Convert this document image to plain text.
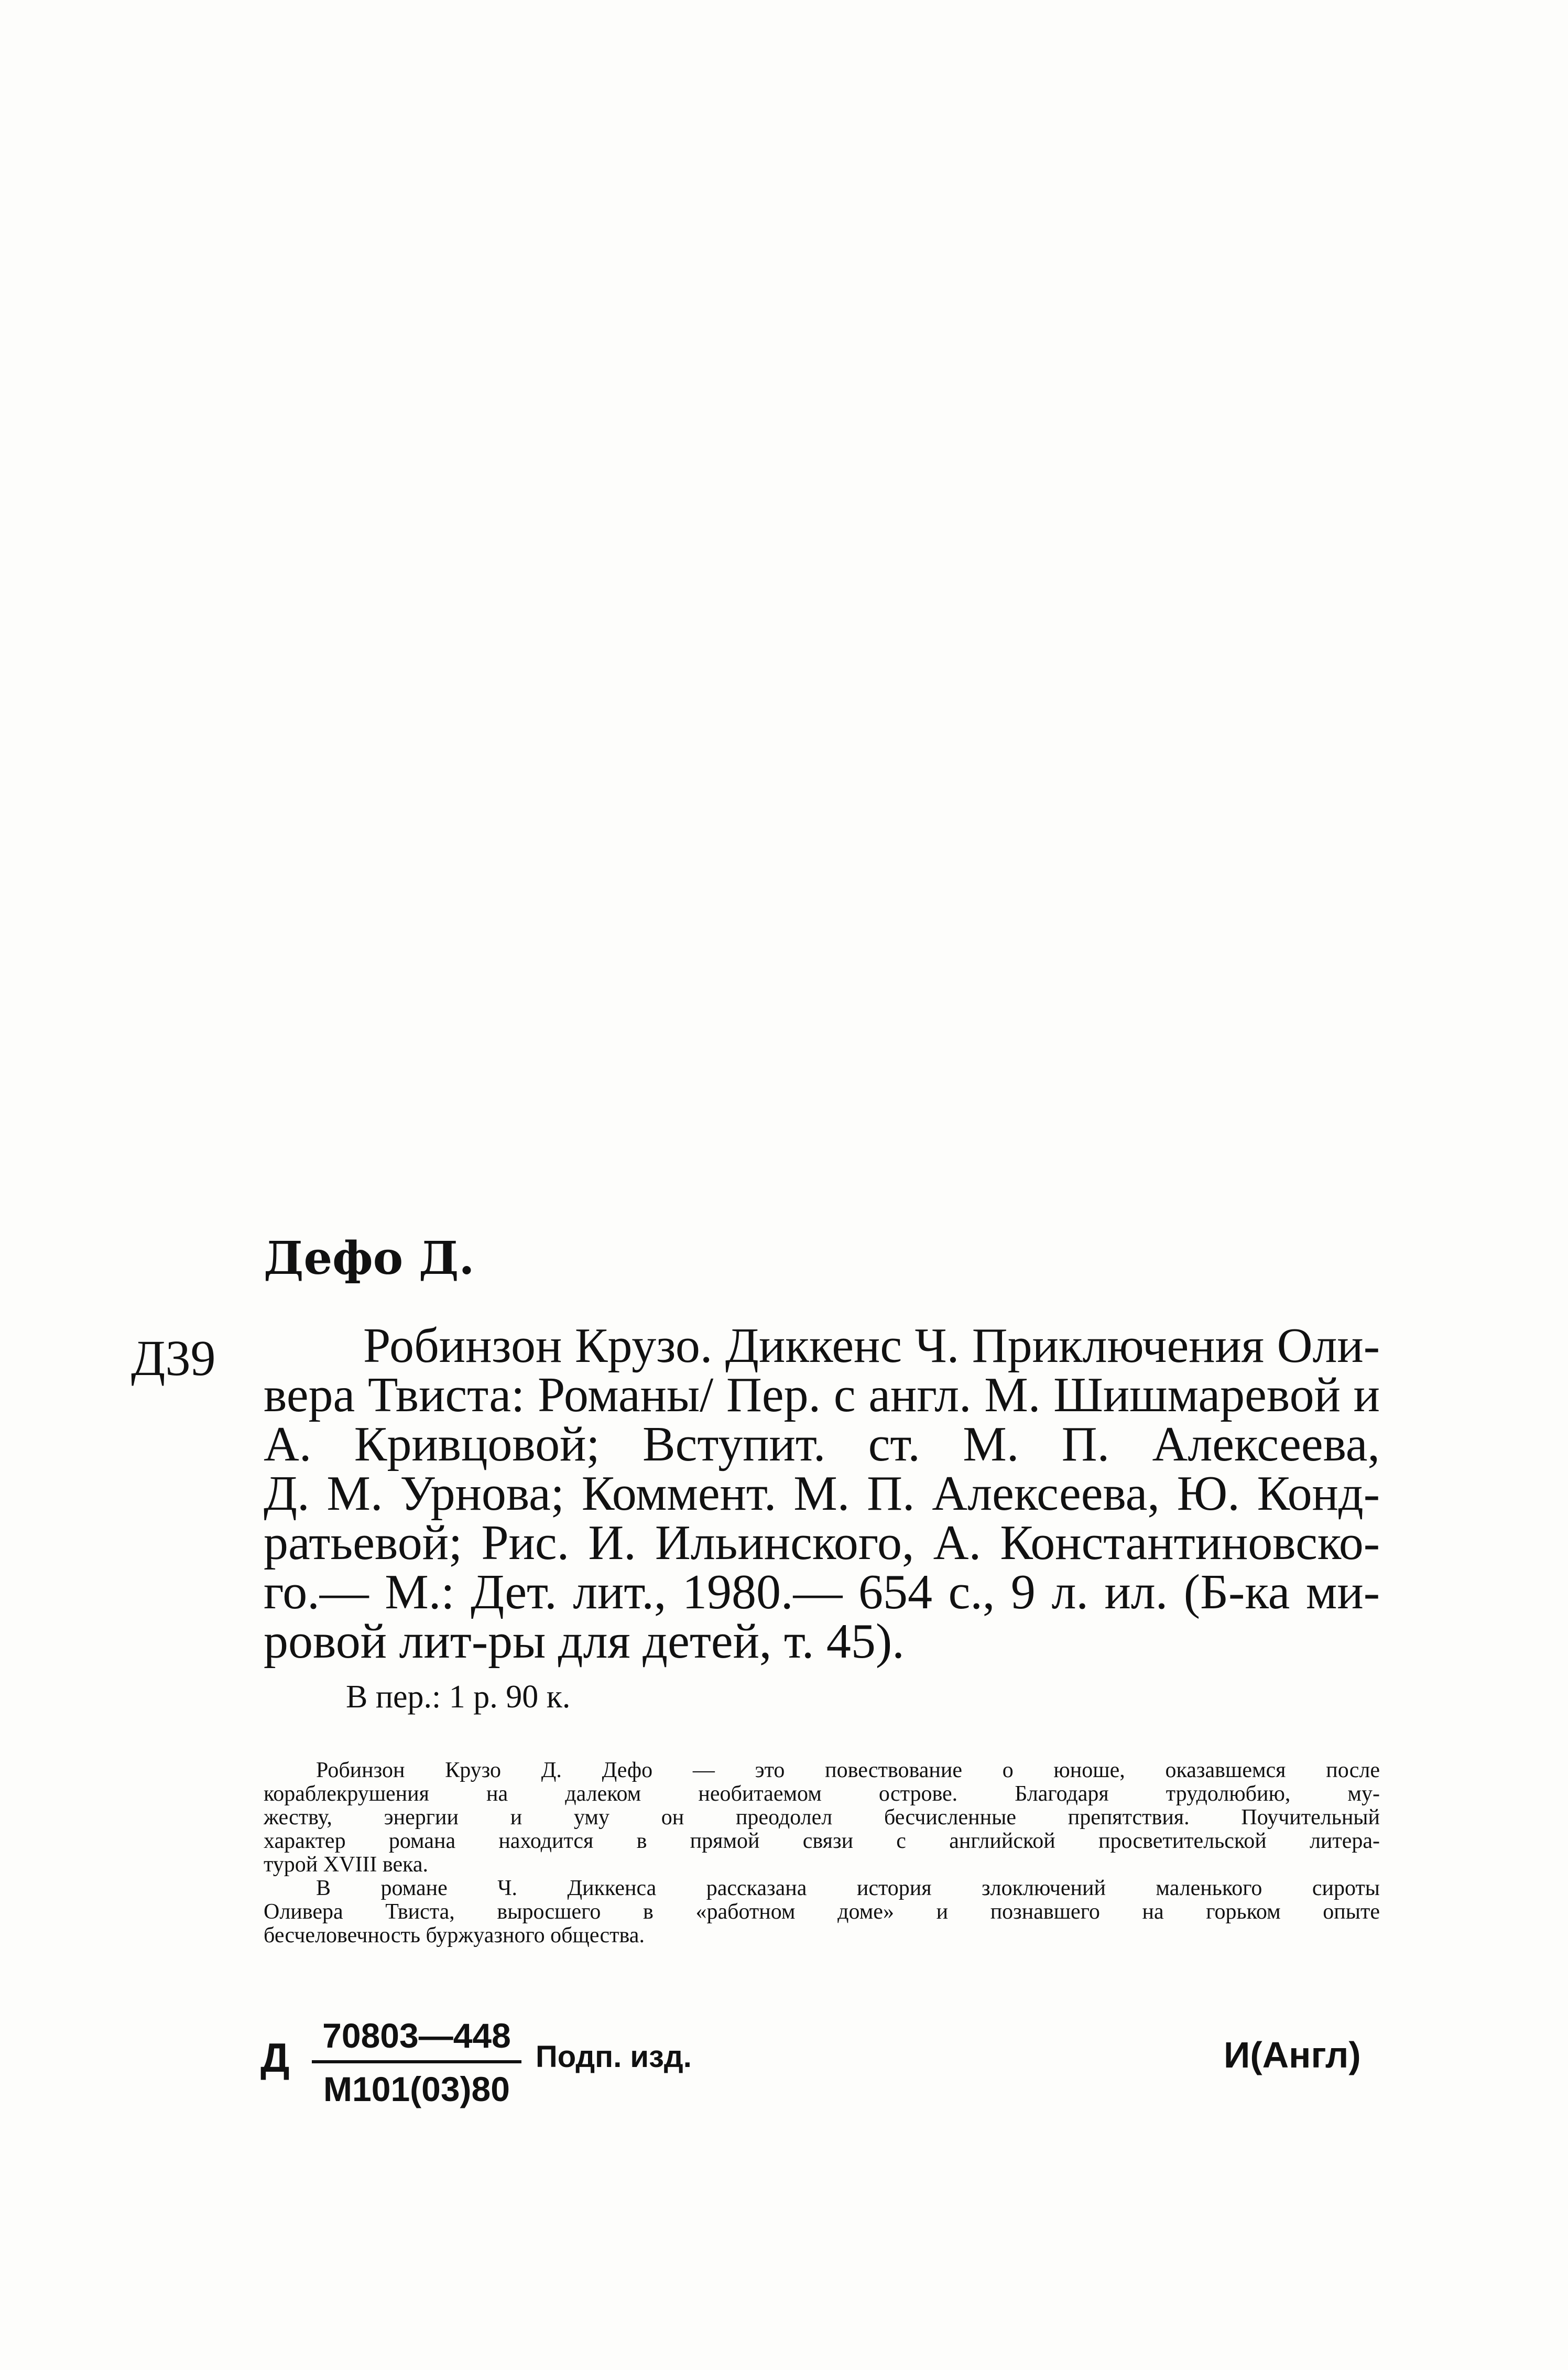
Дефо Д.
Д39	Робинзон Крузо. Диккенс Ч. Приключения Оли-
вера Твиста: Романы/ Пер. с англ. М. Шишмаревой и
А. Кривцовой; Вступит. ст. М. П. Алексеева,
Д. М. Урнова; Коммент. М. П. Алексеева, Ю. Конд-
ратьевой; Рис. И. Ильинского, А. Константиновско-
го.— М.: Дет. лит., 1980.— 654 с., 9 л. ил. (Б-ка ми-
ровой лит-ры для детей, т. 45).
В пер.: 1 р. 90 к.
Робинзон Крузо Д. Дефо — это повествование о юноше, оказавшемся после
кораблекрушения на далеком необитаемом острове. Благодаря трудолюбию, му-
жеству, энергии и уму он преодолел бесчисленные препятствия. Поучительный
характер романа находится в прямой связи с английской просветительской литера-
турой XVIII века.
В романе Ч. Диккенса рассказана история злоключений маленького сироты
Оливера Твиста, выросшего в «работном доме» и познавшего на горьком опыте
бесчеловечность буржуазного общества.
Д 70803—448
М101(03)80
Подп. изд.	И(Англ)
